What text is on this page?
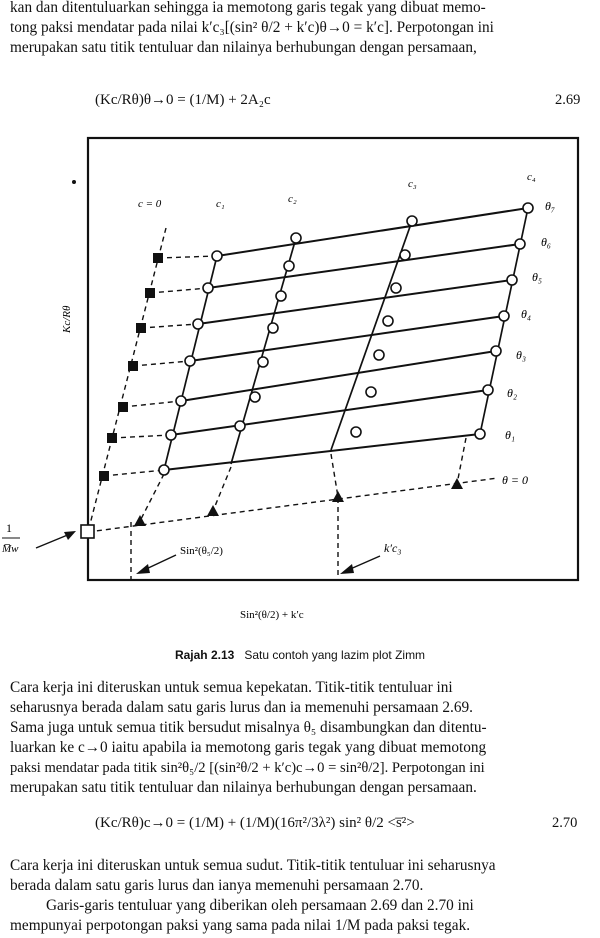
kan dan ditentuluarkan sehingga ia memotong garis tegak yang dibuat memo-
tong paksi mendatar pada nilai k′c₃[(sin² θ/2 + k′c)θ→0 = k′c]. Perpotongan ini
merupakan satu titik tentuluar dan nilainya berhubungan dengan persamaan,
(Kc/Rθ)θ→0 = (1/M) + 2A₂c	2.69
c = 0	c₁	c₂
c₃
c₄
θ₇
θ₆
θ₅
θ₄
θ₃
θ₂
θ₁
θ = 0
Kc/Rθ
1
M̅w	Sin²(θ₅/2)	k′c₃
Sin²(θ/2) + k′c
Rajah 2.13 Satu contoh yang lazim plot Zimm
Cara kerja ini diteruskan untuk semua kepekatan. Titik-titik tentuluar ini
seharusnya berada dalam satu garis lurus dan ia memenuhi persamaan 2.69.
Sama juga untuk semua titik bersudut misalnya θ₅ disambungkan dan ditentu-
luarkan ke c→0 iaitu apabila ia memotong garis tegak yang dibuat memotong
paksi mendatar pada titik sin²θ₅/2 [(sin²θ/2 + k′c)c→0 = sin²θ/2]. Perpotongan ini
merupakan satu titik tentuluar dan nilainya berhubungan dengan persamaan.
(Kc/Rθ)c→0 = (1/M) + (1/M)(16π²/3λ²) sin² θ/2 <s̅²>	2.70
Cara kerja ini diteruskan untuk semua sudut. Titik-titik tentuluar ini seharusnya
berada dalam satu garis lurus dan ianya memenuhi persamaan 2.70.
Garis-garis tentuluar yang diberikan oleh persamaan 2.69 dan 2.70 ini
mempunyai perpotongan paksi yang sama pada nilai 1/M pada paksi tegak.
